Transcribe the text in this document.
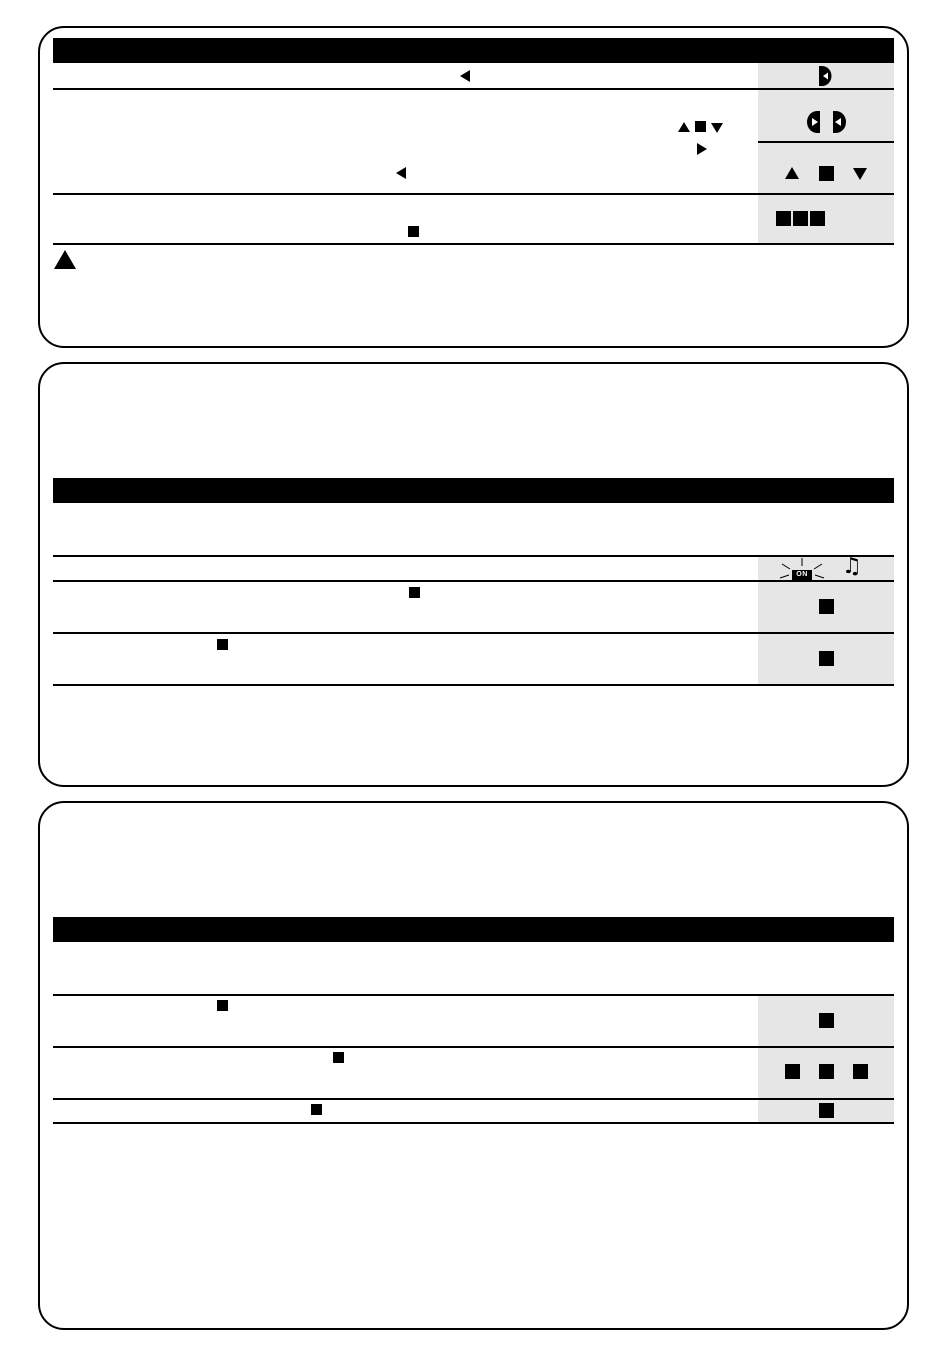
ON ♫
